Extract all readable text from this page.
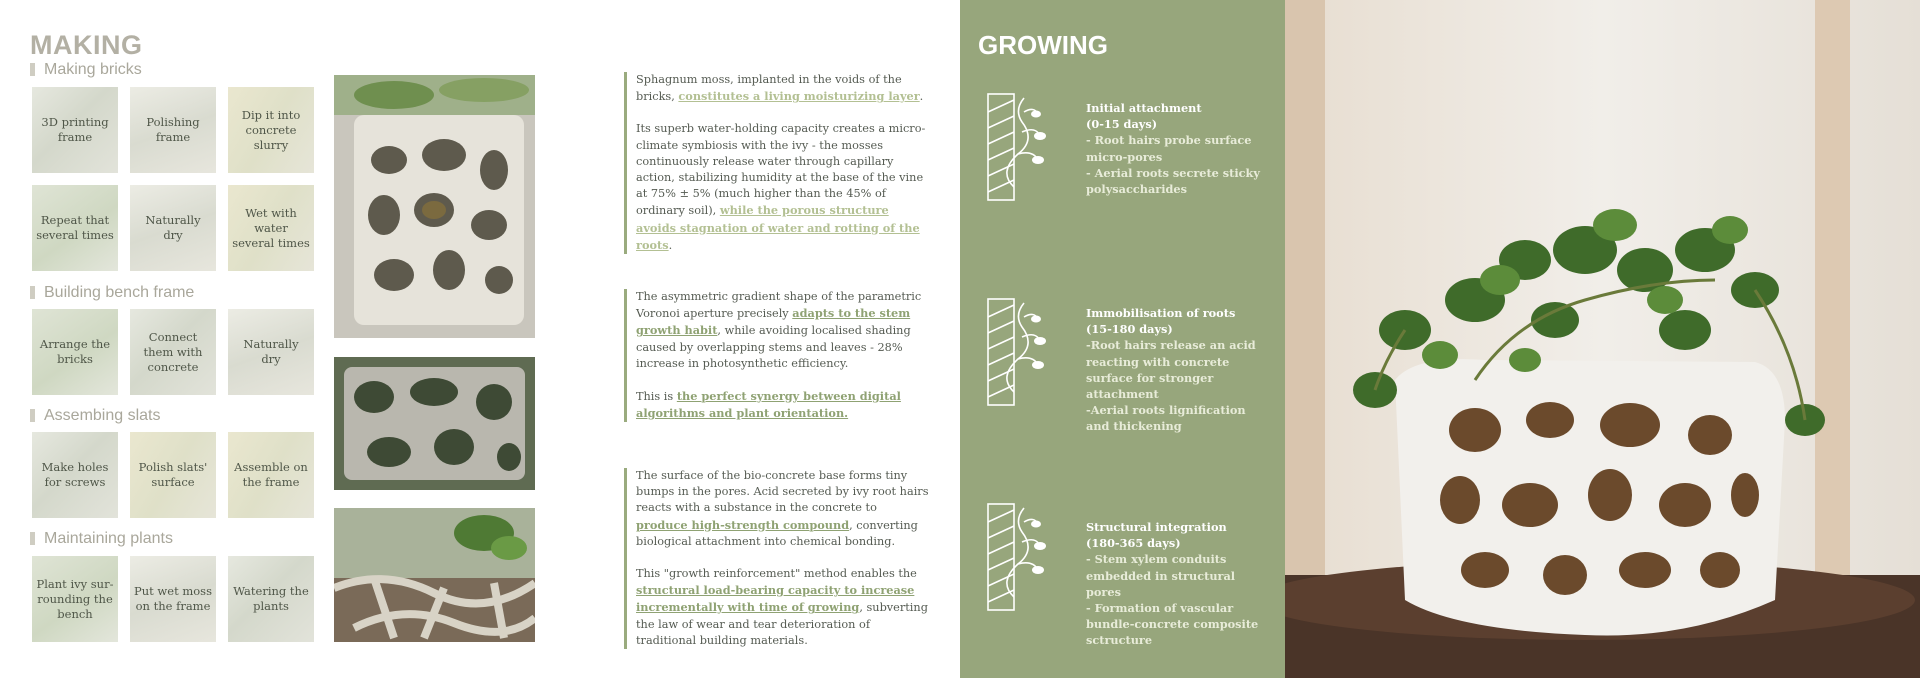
MAKING
Making bricks
3D printing frame
Polishing frame
Dip it into concrete slurry
Repeat that several times
Naturally dry
Wet with water several times
Building bench frame
Arrange the bricks
Connect them with concrete
Naturally dry
Assembing slats
Make holes for screws
Polish slats' surface
Assemble on the frame
Maintaining plants
Plant ivy sur-rounding the bench
Put wet moss on the frame
Watering the plants

Sphagnum moss, implanted in the voids of the bricks, constitutes a living moisturizing layer.

Its superb water-holding capacity creates a micro-climate symbiosis with the ivy - the mosses continuously release water through capillary action, stabilizing humidity at the base of the vine at 75% ± 5% (much higher than the 45% of ordinary soil), while the porous structure avoids stagnation of water and rotting of the roots.

The asymmetric gradient shape of the parametric Voronoi aperture precisely adapts to the stem growth habit, while avoiding localised shading caused by overlapping stems and leaves - 28% increase in photosynthetic efficiency.

This is the perfect synergy between digital algorithms and plant orientation.

The surface of the bio-concrete base forms tiny bumps in the pores. Acid secreted by ivy root hairs reacts with a substance in the concrete to produce high-strength compound, converting biological attachment into chemical bonding.

This "growth reinforcement" method enables the structural load-bearing capacity to increase incrementally with time of growing, subverting the law of wear and tear deterioration of traditional building materials.

GROWING
Initial attachment
(0-15 days)
- Root hairs probe surface micro-pores
- Aerial roots secrete sticky polysaccharides
Immobilisation of roots
(15-180 days)
-Root hairs release an acid reacting with concrete surface for stronger attachment
-Aerial roots lignification and thickening
Structural integration
(180-365 days)
- Stem xylem conduits embedded in structural pores
- Formation of vascular bundle-concrete composite sctructure
